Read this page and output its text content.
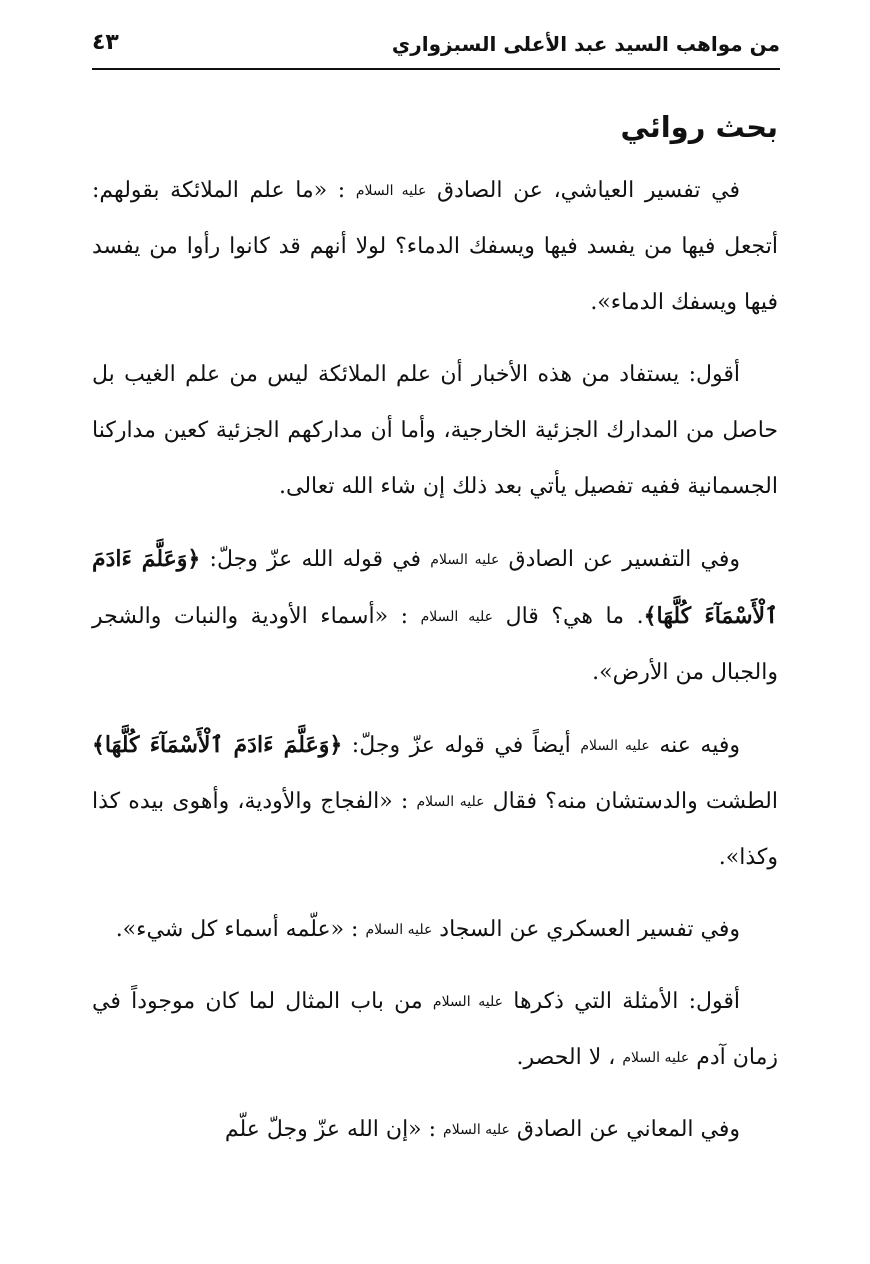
من مواهب السيد عبد الأعلى السبزواري
٤٣
بحث روائي

في تفسير العياشي، عن الصادق عليه السلام : «ما علم الملائكة بقولهم: أتجعل فيها من يفسد فيها ويسفك الدماء؟ لولا أنهم قد كانوا رأوا من يفسد فيها ويسفك الدماء».

أقول: يستفاد من هذه الأخبار أن علم الملائكة ليس من علم الغيب بل حاصل من المدارك الجزئية الخارجية، وأما أن مداركهم الجزئية كعين مداركنا الجسمانية ففيه تفصيل يأتي بعد ذلك إن شاء الله تعالى.

وفي التفسير عن الصادق عليه السلام في قوله الله عزّ وجلّ: ﴿وَعَلَّمَ ءَادَمَ ٱلْأَسْمَآءَ كُلَّهَا﴾. ما هي؟ قال عليه السلام : «أسماء الأودية والنبات والشجر والجبال من الأرض».

وفيه عنه عليه السلام أيضاً في قوله عزّ وجلّ: ﴿وَعَلَّمَ ءَادَمَ ٱلْأَسْمَآءَ كُلَّهَا﴾ الطشت والدستشان منه؟ فقال عليه السلام : «الفجاج والأودية، وأهوى بيده كذا وكذا».

وفي تفسير العسكري عن السجاد عليه السلام : «علّمه أسماء كل شيء».

أقول: الأمثلة التي ذكرها عليه السلام من باب المثال لما كان موجوداً في زمان آدم عليه السلام ، لا الحصر.

وفي المعاني عن الصادق عليه السلام : «إن الله عزّ وجلّ علّم
